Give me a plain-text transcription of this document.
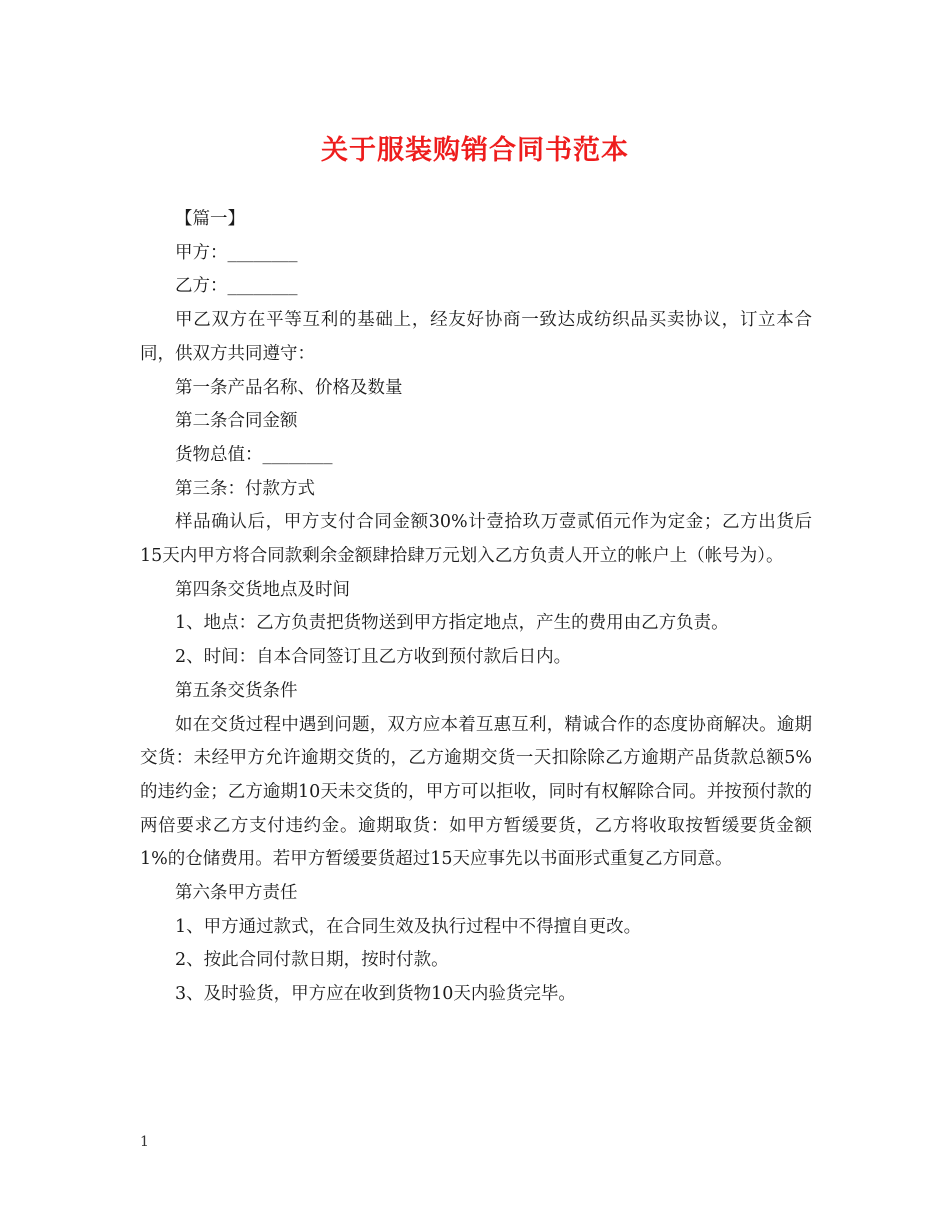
关于服装购销合同书范本

【篇一】

甲方：________

乙方：________

甲乙双方在平等互利的基础上，经友好协商一致达成纺织品买卖协议，订立本合同，供双方共同遵守：

第一条产品名称、价格及数量

第二条合同金额

货物总值：________

第三条：付款方式

样品确认后，甲方支付合同金额30%计壹拾玖万壹贰佰元作为定金；乙方出货后15天内甲方将合同款剩余金额肆拾肆万元划入乙方负责人开立的帐户上（帐号为）。

第四条交货地点及时间

1、地点：乙方负责把货物送到甲方指定地点，产生的费用由乙方负责。

2、时间：自本合同签订且乙方收到预付款后日内。

第五条交货条件

如在交货过程中遇到问题，双方应本着互惠互利，精诚合作的态度协商解决。逾期交货：未经甲方允许逾期交货的，乙方逾期交货一天扣除除乙方逾期产品货款总额5%的违约金；乙方逾期10天未交货的，甲方可以拒收，同时有权解除合同。并按预付款的两倍要求乙方支付违约金。逾期取货：如甲方暂缓要货，乙方将收取按暂缓要货金额1%的仓储费用。若甲方暂缓要货超过15天应事先以书面形式重复乙方同意。

第六条甲方责任

1、甲方通过款式，在合同生效及执行过程中不得擅自更改。

2、按此合同付款日期，按时付款。

3、及时验货，甲方应在收到货物10天内验货完毕。

1
